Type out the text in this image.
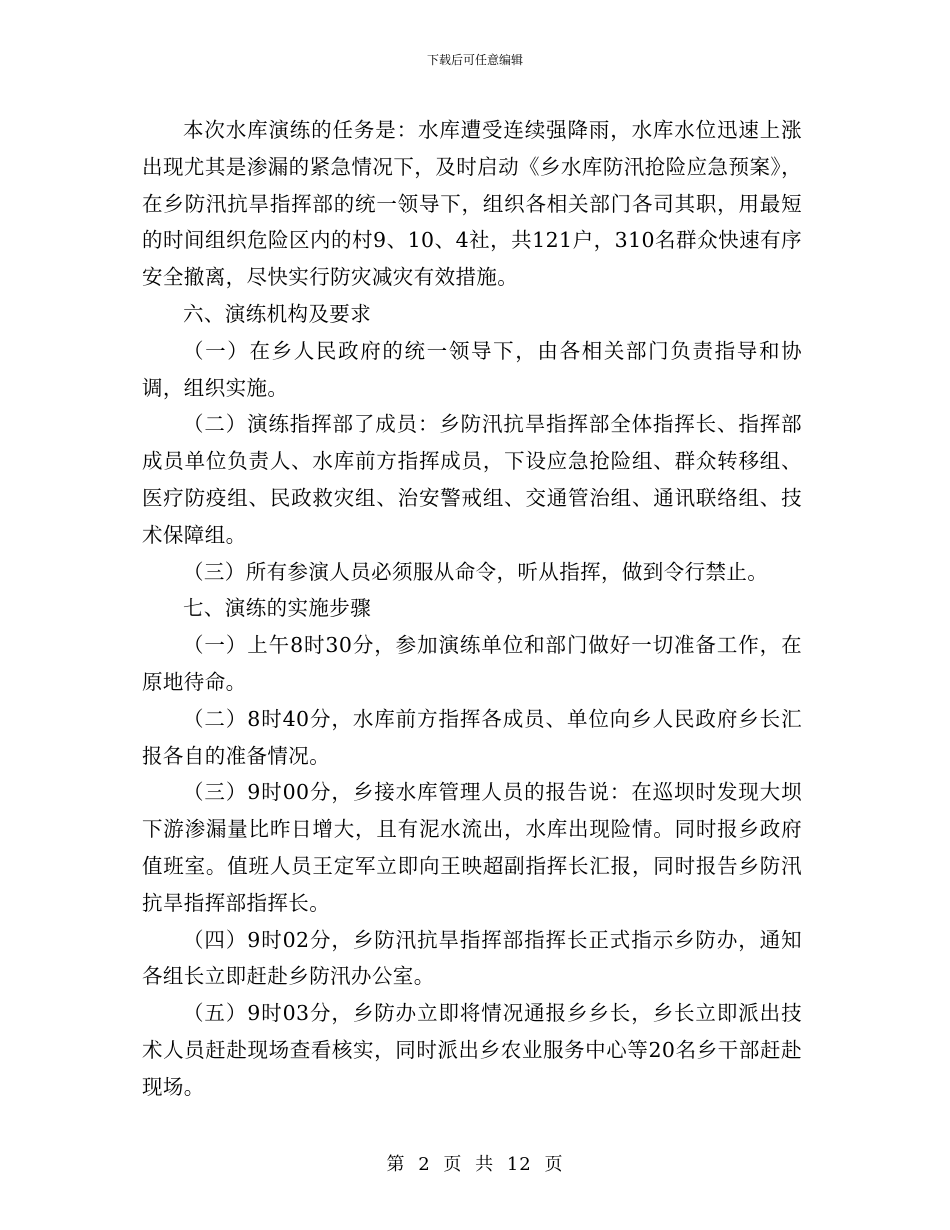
下载后可任意编辑

本次水库演练的任务是：水库遭受连续强降雨，水库水位迅速上涨出现尤其是渗漏的紧急情况下，及时启动《乡水库防汛抢险应急预案》，在乡防汛抗旱指挥部的统一领导下，组织各相关部门各司其职，用最短的时间组织危险区内的村9、10、4社，共121户，310名群众快速有序安全撤离，尽快实行防灾减灾有效措施。

六、演练机构及要求

（一）在乡人民政府的统一领导下，由各相关部门负责指导和协调，组织实施。

（二）演练指挥部了成员：乡防汛抗旱指挥部全体指挥长、指挥部成员单位负责人、水库前方指挥成员，下设应急抢险组、群众转移组、医疗防疫组、民政救灾组、治安警戒组、交通管治组、通讯联络组、技术保障组。

（三）所有参演人员必须服从命令，听从指挥，做到令行禁止。

七、演练的实施步骤

（一）上午8时30分，参加演练单位和部门做好一切准备工作，在原地待命。

（二）8时40分，水库前方指挥各成员、单位向乡人民政府乡长汇报各自的准备情况。

（三）9时00分，乡接水库管理人员的报告说：在巡坝时发现大坝下游渗漏量比昨日增大，且有泥水流出，水库出现险情。同时报乡政府值班室。值班人员王定军立即向王映超副指挥长汇报，同时报告乡防汛抗旱指挥部指挥长。

（四）9时02分，乡防汛抗旱指挥部指挥长正式指示乡防办，通知各组长立即赶赴乡防汛办公室。

（五）9时03分，乡防办立即将情况通报乡乡长，乡长立即派出技术人员赶赴现场查看核实，同时派出乡农业服务中心等20名乡干部赶赴现场。

第 2 页 共 12 页
